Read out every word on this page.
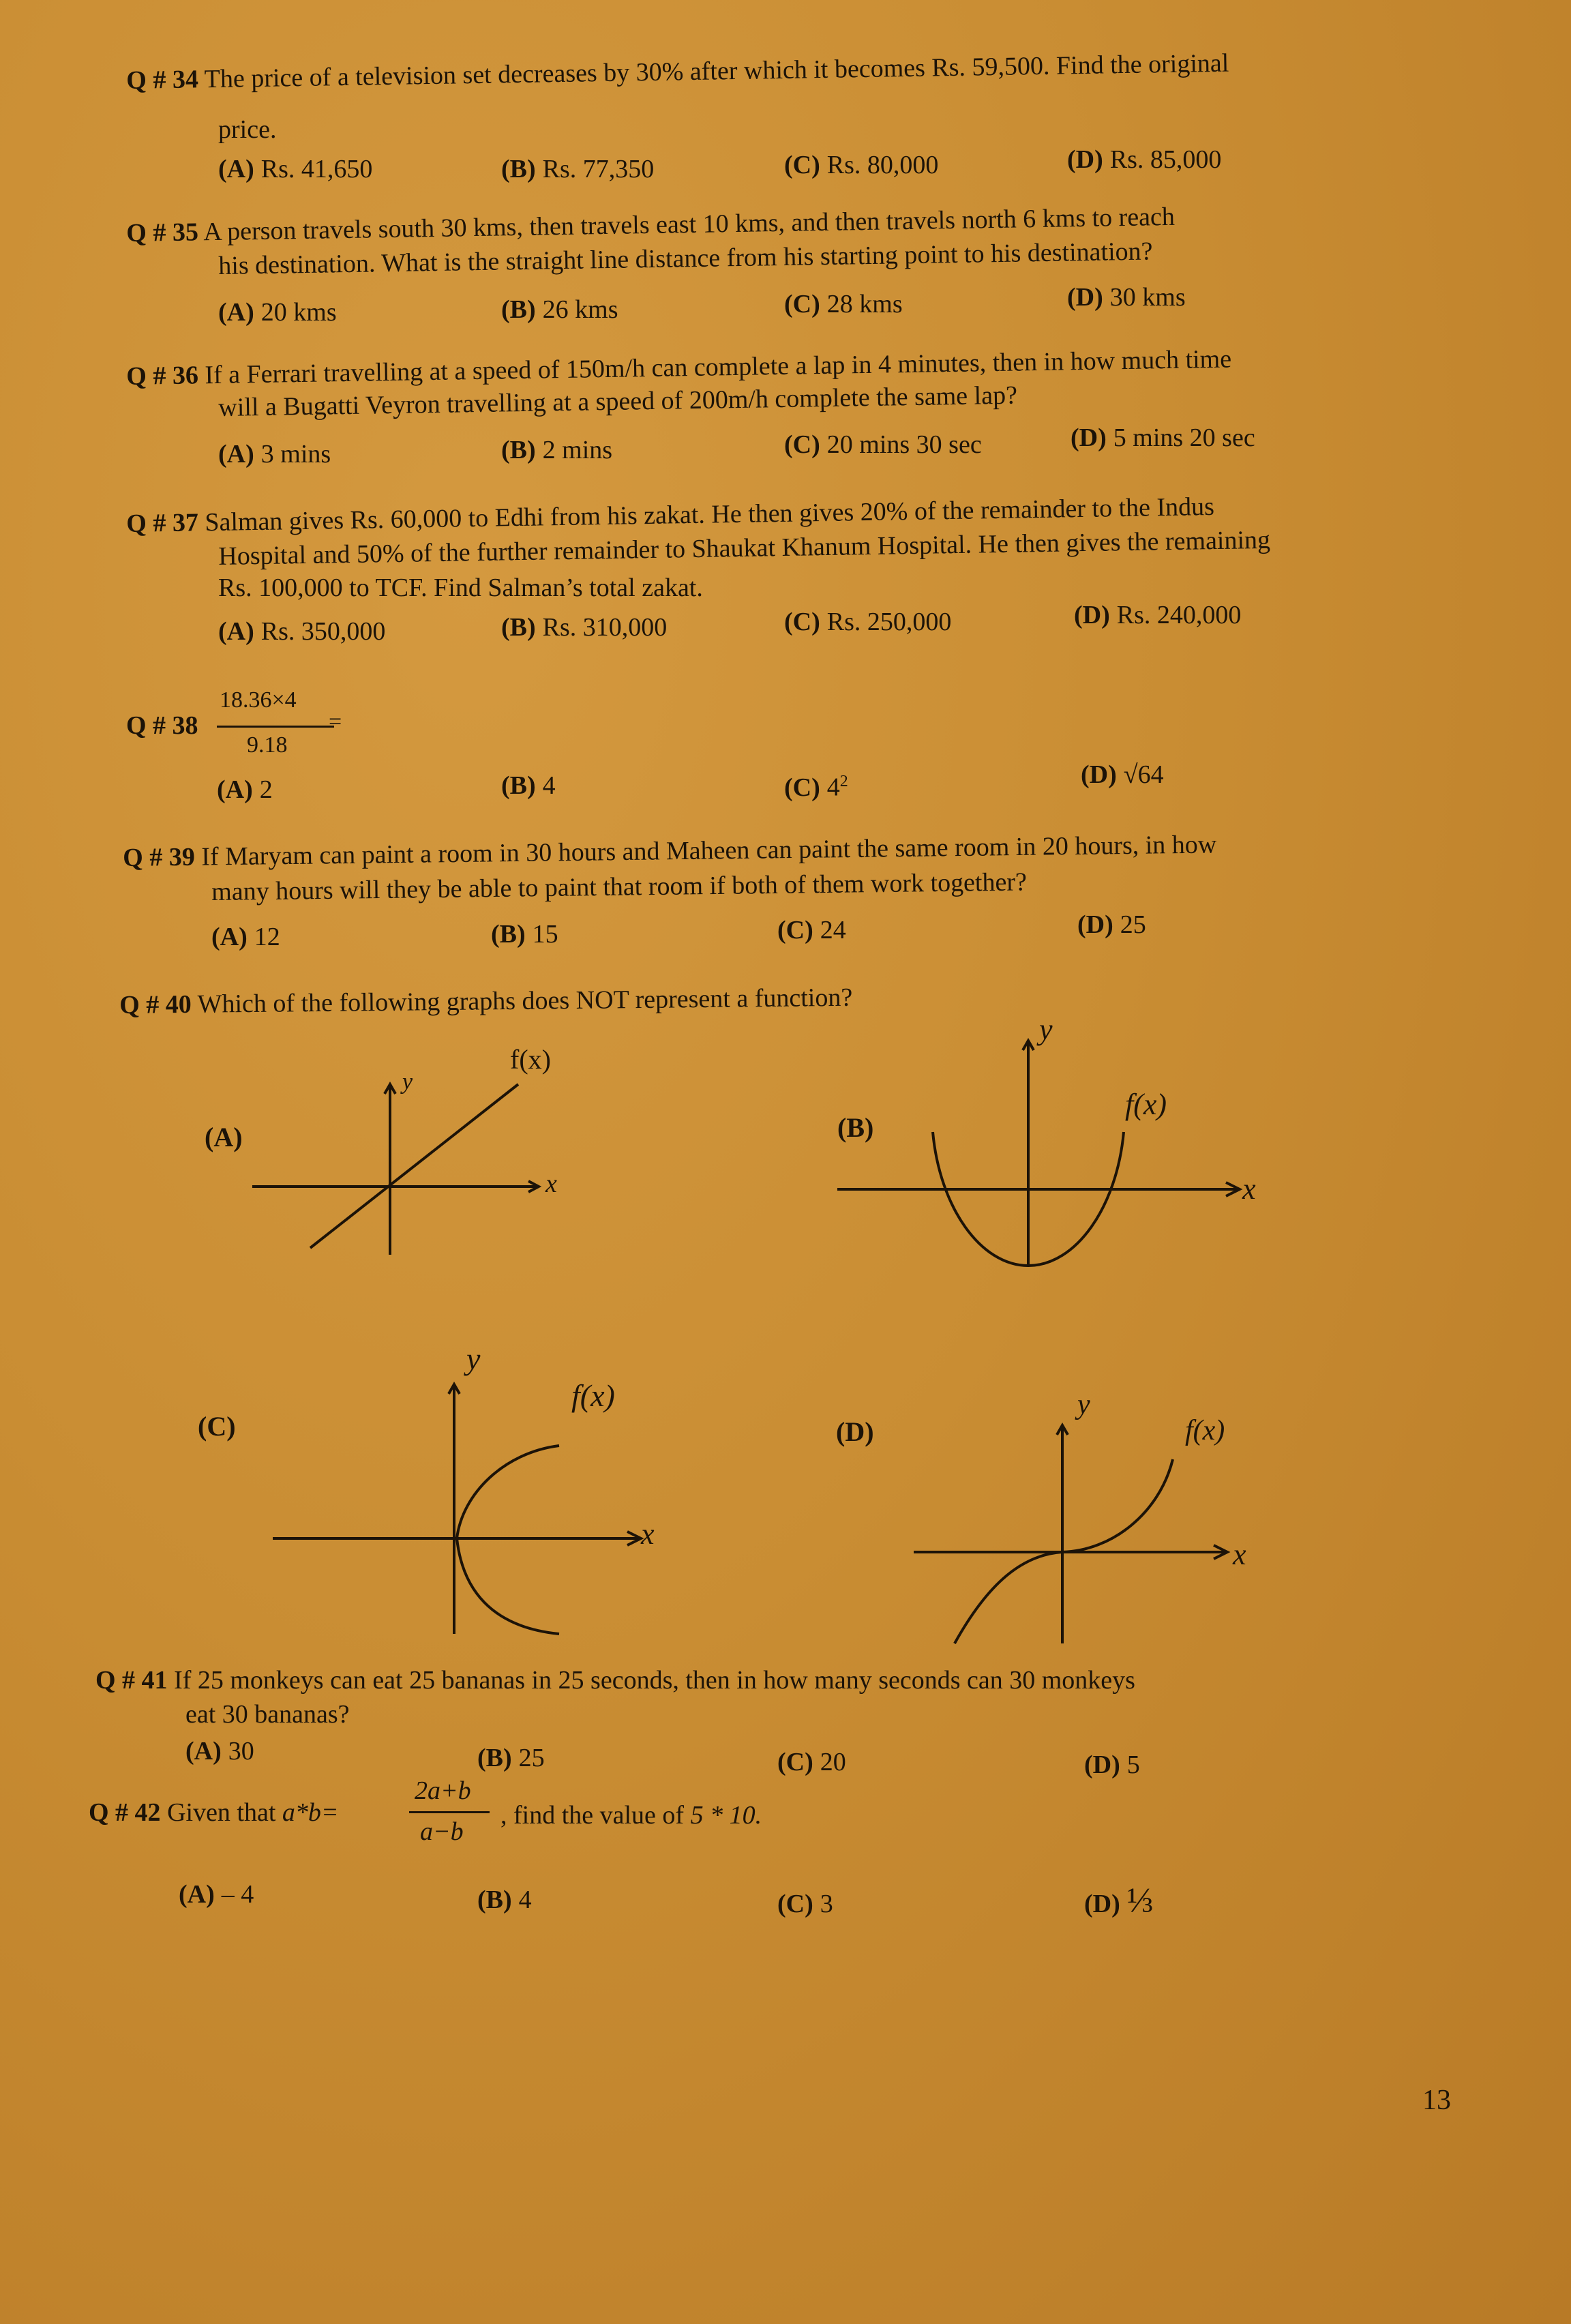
Q # 34 The price of a television set decreases by 30% after which it becomes Rs. 59,500. Find the original
price.
(A) Rs. 41,650	(B) Rs. 77,350	(C) Rs. 80,000	(D) Rs. 85,000
Q # 35 A person travels south 30 kms, then travels east 10 kms, and then travels north 6 kms to reach
his destination. What is the straight line distance from his starting point to his destination?
(A) 20 kms	(B) 26 kms	(C) 28 kms	(D) 30 kms
Q # 36 If a Ferrari travelling at a speed of 150m/h can complete a lap in 4 minutes, then in how much time
will a Bugatti Veyron travelling at a speed of 200m/h complete the same lap?
(A) 3 mins	(B) 2 mins	(C) 20 mins 30 sec	(D) 5 mins 20 sec
Q # 37 Salman gives Rs. 60,000 to Edhi from his zakat. He then gives 20% of the remainder to the Indus
Hospital and 50% of the further remainder to Shaukat Khanum Hospital. He then gives the remaining
Rs. 100,000 to TCF. Find Salman’s total zakat.
(A) Rs. 350,000	(B) Rs. 310,000	(C) Rs. 250,000	(D) Rs. 240,000
Q # 38
18.36×4
9.18
=
(A) 2	(B) 4	(C) $4^2$	(D) √64
Q # 39 If Maryam can paint a room in 30 hours and Maheen can paint the same room in 20 hours, in how
many hours will they be able to paint that room if both of them work together?
(A) 12	(B) 15	(C) 24	(D) 25
Q # 40 Which of the following graphs does NOT represent a function?
(A)
f(x)
y
x
(B)
f(x)
y
x
(C)
f(x)
y
x
(D)	f(x)
y
x
Q # 41 If 25 monkeys can eat 25 bananas in 25 seconds, then in how many seconds can 30 monkeys
eat 30 bananas?
(A) 30	(B) 25	(C) 20	(D) 5
Q # 42 Given that a*b=
2a+b
a−b
, find the value of 5 * 10.
(A) – 4	(B) 4	(C) 3	(D) ⅓
13
